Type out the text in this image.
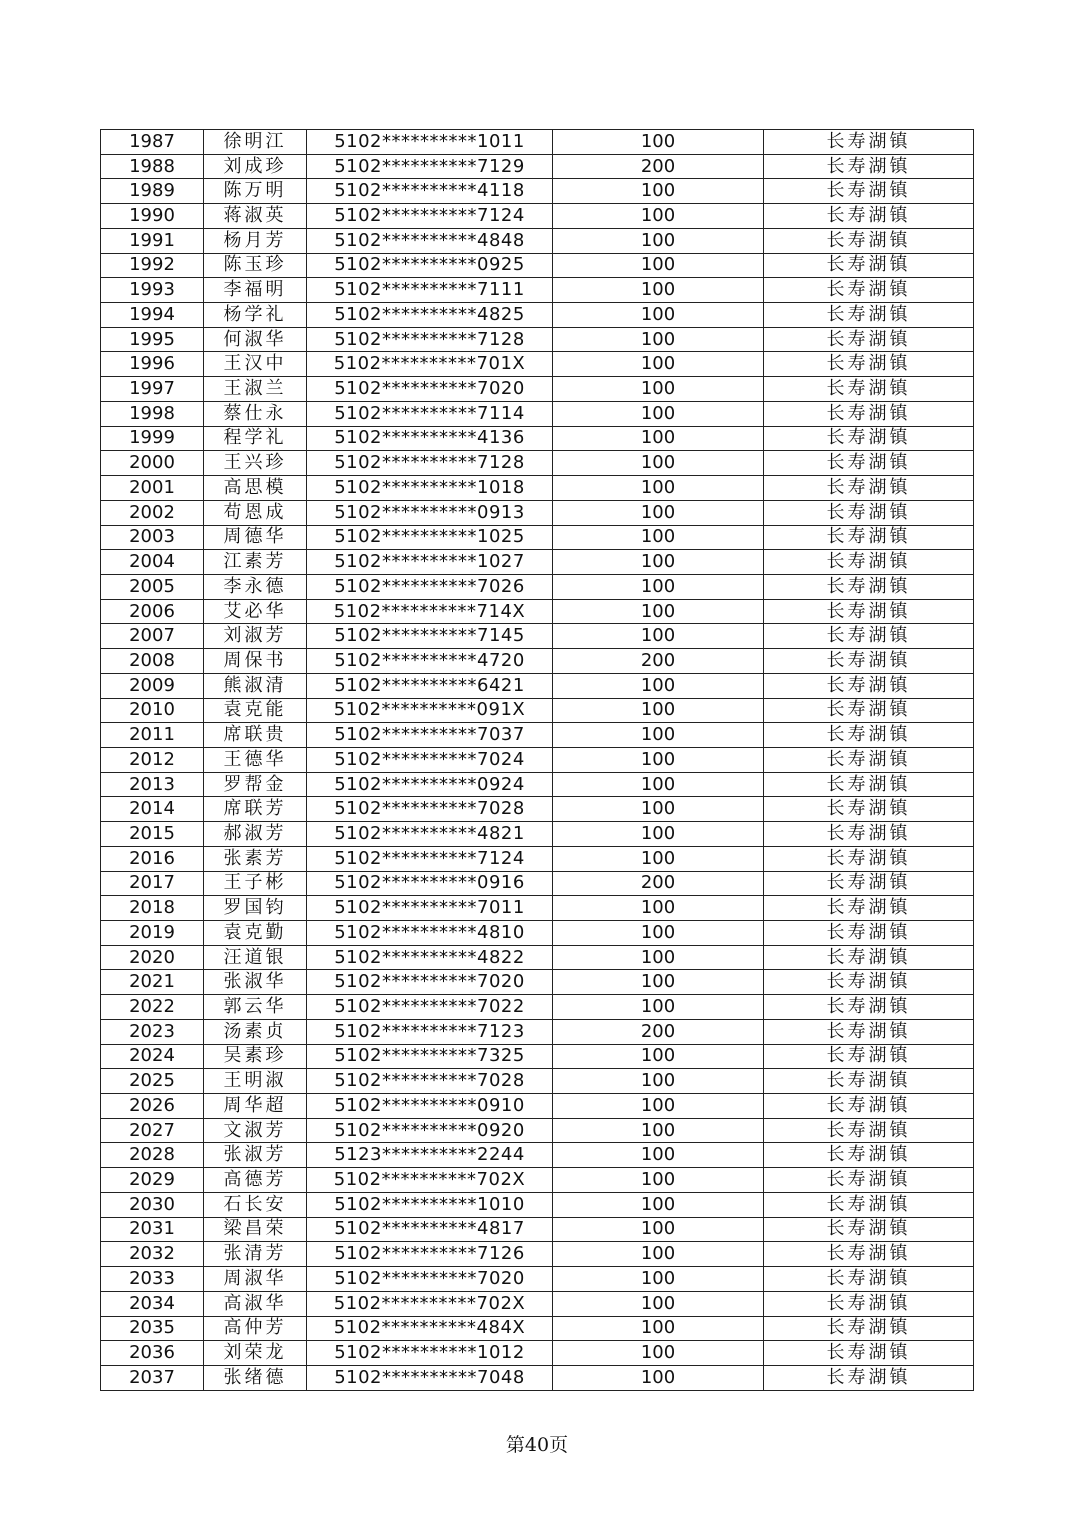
1987	徐明江	5102**********1011	100	长寿湖镇
1988	刘成珍	5102**********7129	200	长寿湖镇
1989	陈万明	5102**********4118	100	长寿湖镇
1990	蒋淑英	5102**********7124	100	长寿湖镇
1991	杨月芳	5102**********4848	100	长寿湖镇
1992	陈玉珍	5102**********0925	100	长寿湖镇
1993	李福明	5102**********7111	100	长寿湖镇
1994	杨学礼	5102**********4825	100	长寿湖镇
1995	何淑华	5102**********7128	100	长寿湖镇
1996	王汉中	5102**********701X	100	长寿湖镇
1997	王淑兰	5102**********7020	100	长寿湖镇
1998	蔡仕永	5102**********7114	100	长寿湖镇
1999	程学礼	5102**********4136	100	长寿湖镇
2000	王兴珍	5102**********7128	100	长寿湖镇
2001	高思模	5102**********1018	100	长寿湖镇
2002	苟恩成	5102**********0913	100	长寿湖镇
2003	周德华	5102**********1025	100	长寿湖镇
2004	江素芳	5102**********1027	100	长寿湖镇
2005	李永德	5102**********7026	100	长寿湖镇
2006	艾必华	5102**********714X	100	长寿湖镇
2007	刘淑芳	5102**********7145	100	长寿湖镇
2008	周保书	5102**********4720	200	长寿湖镇
2009	熊淑清	5102**********6421	100	长寿湖镇
2010	袁克能	5102**********091X	100	长寿湖镇
2011	席联贵	5102**********7037	100	长寿湖镇
2012	王德华	5102**********7024	100	长寿湖镇
2013	罗帮金	5102**********0924	100	长寿湖镇
2014	席联芳	5102**********7028	100	长寿湖镇
2015	郝淑芳	5102**********4821	100	长寿湖镇
2016	张素芳	5102**********7124	100	长寿湖镇
2017	王子彬	5102**********0916	200	长寿湖镇
2018	罗国钧	5102**********7011	100	长寿湖镇
2019	袁克勤	5102**********4810	100	长寿湖镇
2020	汪道银	5102**********4822	100	长寿湖镇
2021	张淑华	5102**********7020	100	长寿湖镇
2022	郭云华	5102**********7022	100	长寿湖镇
2023	汤素贞	5102**********7123	200	长寿湖镇
2024	吴素珍	5102**********7325	100	长寿湖镇
2025	王明淑	5102**********7028	100	长寿湖镇
2026	周华超	5102**********0910	100	长寿湖镇
2027	文淑芳	5102**********0920	100	长寿湖镇
2028	张淑芳	5123**********2244	100	长寿湖镇
2029	高德芳	5102**********702X	100	长寿湖镇
2030	石长安	5102**********1010	100	长寿湖镇
2031	梁昌荣	5102**********4817	100	长寿湖镇
2032	张清芳	5102**********7126	100	长寿湖镇
2033	周淑华	5102**********7020	100	长寿湖镇
2034	高淑华	5102**********702X	100	长寿湖镇
2035	高仲芳	5102**********484X	100	长寿湖镇
2036	刘荣龙	5102**********1012	100	长寿湖镇
2037	张绪德	5102**********7048	100	长寿湖镇
第40页
